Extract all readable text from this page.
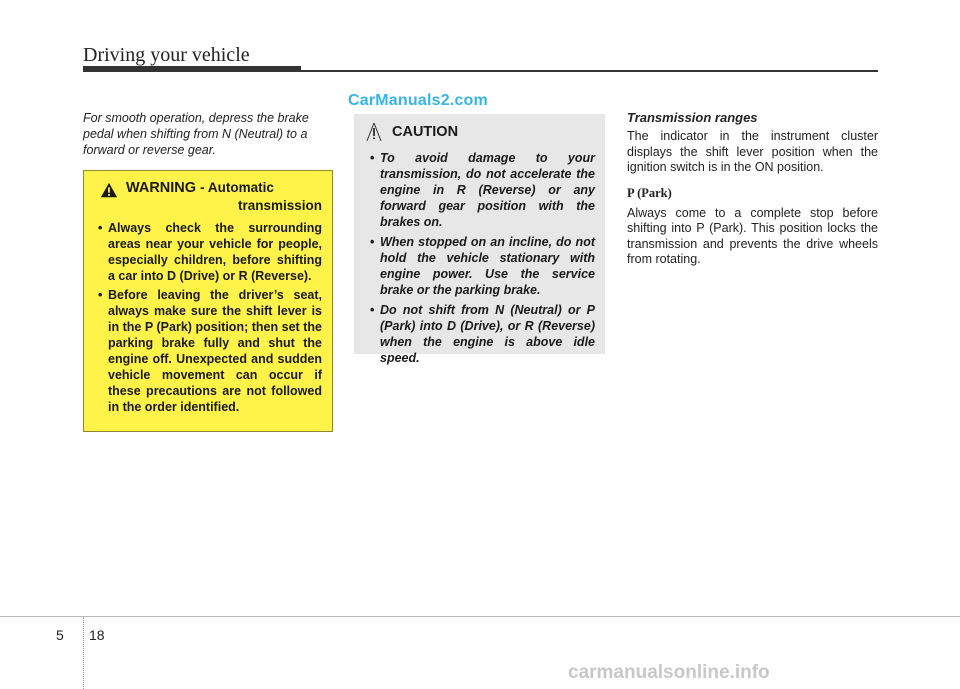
Driving your vehicle
CarManuals2.com
For smooth operation, depress the brake pedal when shifting from N (Neutral) to a forward or reverse gear.
WARNING - Automatic
transmission
• Always check the surrounding areas near your vehicle for people, especially children, before shifting a car into D (Drive) or R (Reverse).
• Before leaving the driver’s seat, always make sure the shift lever is in the P (Park) position; then set the parking brake fully and shut the engine off. Unexpected and sudden vehicle movement can occur if these precautions are not followed in the order identified.
CAUTION
• To avoid damage to your transmission, do not accelerate the engine in R (Reverse) or any forward gear position with the brakes on.
• When stopped on an incline, do not hold the vehicle stationary with engine power. Use the service brake or the parking brake.
• Do not shift from N (Neutral) or P (Park) into D (Drive), or R (Reverse) when the engine is above idle speed.
Transmission ranges

The indicator in the instrument cluster displays the shift lever position when the ignition switch is in the ON position.

P (Park)

Always come to a complete stop before shifting into P (Park). This position locks the transmission and prevents the drive wheels from rotating.

5 18
carmanualsonline.info
